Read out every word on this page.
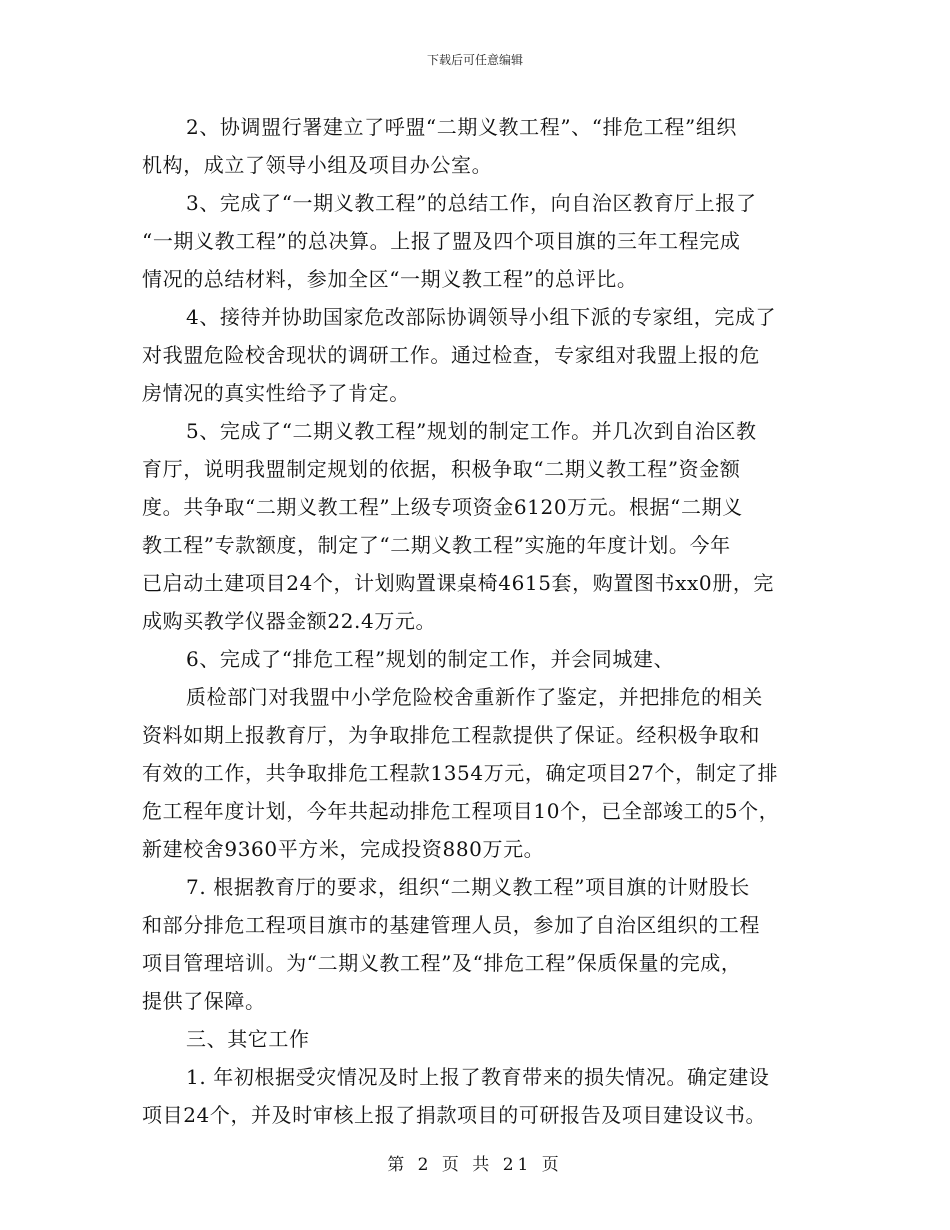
下载后可任意编辑
2、协调盟行署建立了呼盟“二期义教工程”、“排危工程”组织
机构，成立了领导小组及项目办公室。
3、完成了“一期义教工程”的总结工作，向自治区教育厅上报了
“一期义教工程”的总决算。上报了盟及四个项目旗的三年工程完成
情况的总结材料，参加全区“一期义教工程”的总评比。
4、接待并协助国家危改部际协调领导小组下派的专家组，完成了
对我盟危险校舍现状的调研工作。通过检查，专家组对我盟上报的危
房情况的真实性给予了肯定。
5、完成了“二期义教工程”规划的制定工作。并几次到自治区教
育厅，说明我盟制定规划的依据，积极争取“二期义教工程”资金额
度。共争取“二期义教工程”上级专项资金6120万元。根据“二期义
教工程”专款额度，制定了“二期义教工程”实施的年度计划。今年
已启动土建项目24个，计划购置课桌椅4615套，购置图书xx0册，完
成购买教学仪器金额22.4万元。
6、完成了“排危工程”规划的制定工作，并会同城建、
质检部门对我盟中小学危险校舍重新作了鉴定，并把排危的相关
资料如期上报教育厅，为争取排危工程款提供了保证。经积极争取和
有效的工作，共争取排危工程款1354万元，确定项目27个，制定了排
危工程年度计划，今年共起动排危工程项目10个，已全部竣工的5个，
新建校舍9360平方米，完成投资880万元。
7. 根据教育厅的要求，组织“二期义教工程”项目旗的计财股长
和部分排危工程项目旗市的基建管理人员，参加了自治区组织的工程
项目管理培训。为“二期义教工程”及“排危工程”保质保量的完成，
提供了保障。
三、其它工作
1. 年初根据受灾情况及时上报了教育带来的损失情况。确定建设
项目24个，并及时审核上报了捐款项目的可研报告及项目建设议书。
第 2 页 共 21 页
